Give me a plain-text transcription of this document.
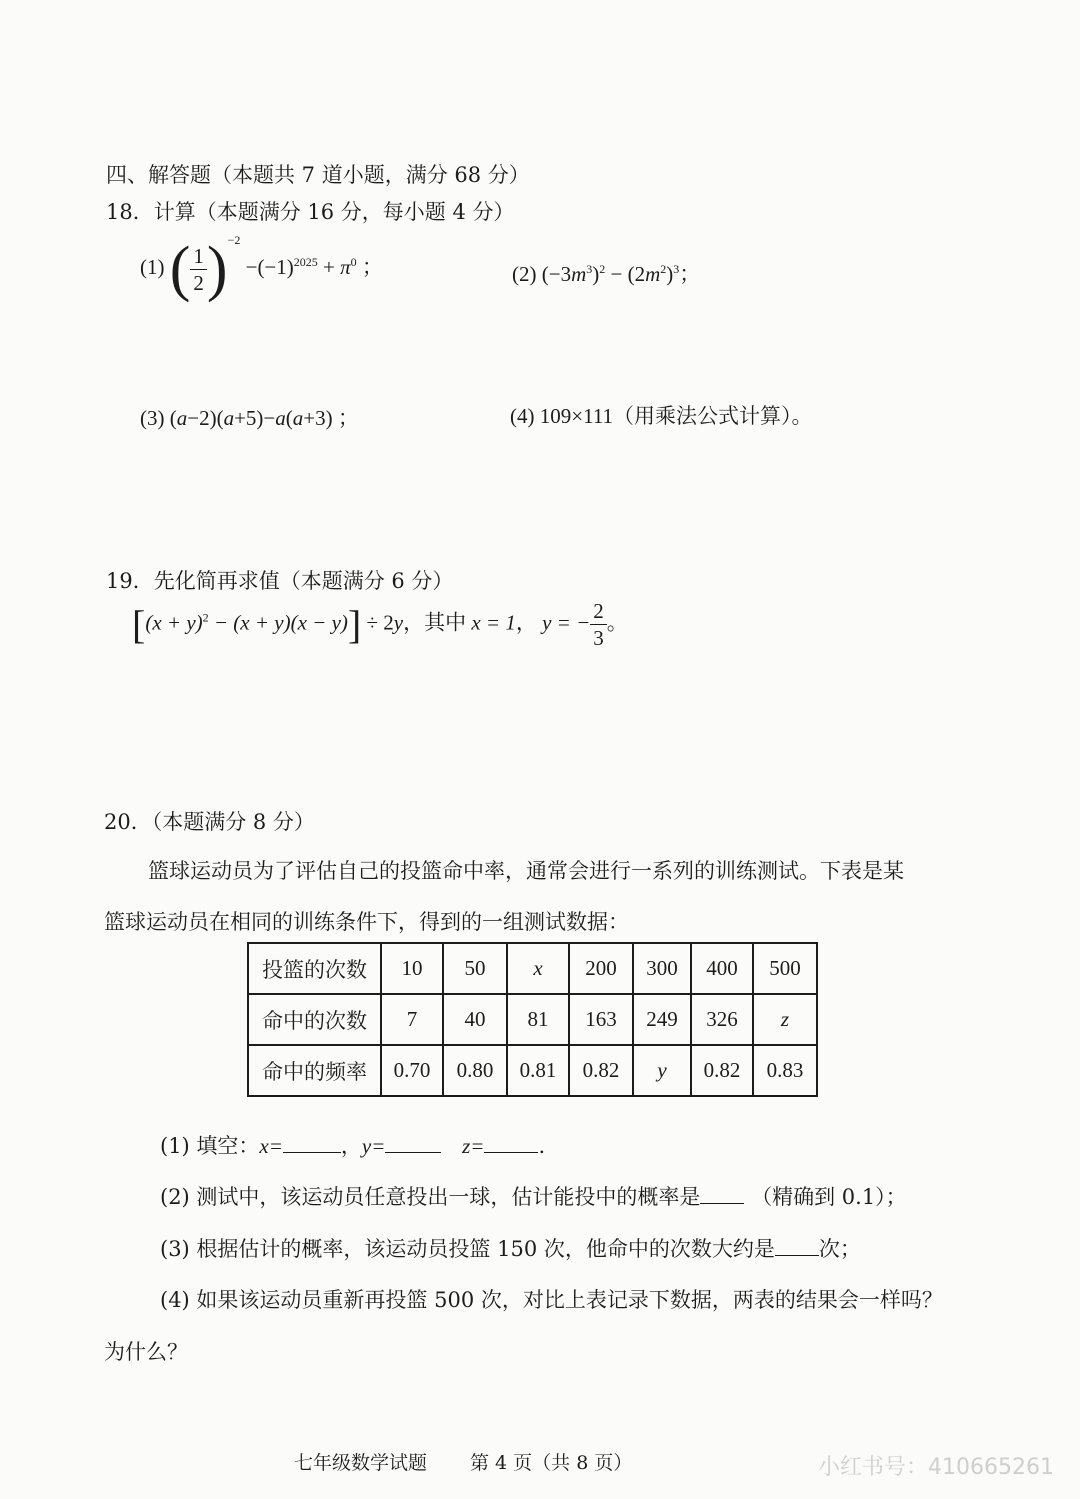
四、解答题（本题共 7 道小题，满分 68 分）
18．计算（本题满分 16 分，每小题 4 分）
(1) ( $\frac{1}{2} )^{-2} -(-1)^{2025} + \pi^0$ ；	(2) $(-3m^3)^2 - (2m^2)^3$；
(3) (a−2)(a+5)−a(a+3) ；	(4) 109×111（用乘法公式计算）。
19．先化简再求值（本题满分 6 分）
$[(x + y)^2 - (x + y)(x - y)] \div 2y$，其中 x = 1， y = − $\frac{2}{3}$ 。
20．（本题满分 8 分）
篮球运动员为了评估自己的投篮命中率，通常会进行一系列的训练测试。下表是某
篮球运动员在相同的训练条件下，得到的一组测试数据：
投篮的次数	10	50	x	200	300	400	500
命中的次数	7	40	81	163	249	326	z
命中的频率	0.70	0.80	0.81	0.82	y	0.82	0.83
(1) 填空：x=	，y=	z=	.
(2) 测试中，该运动员任意投出一球，估计能投中的概率是 （精确到 0.1）；
(3) 根据估计的概率，该运动员投篮 150 次，他命中的次数大约是 次；
(4) 如果该运动员重新再投篮 500 次，对比上表记录下数据，两表的结果会一样吗？
为什么？
七年级数学试题 第 4 页（共 8 页）	小红书号：410665261
